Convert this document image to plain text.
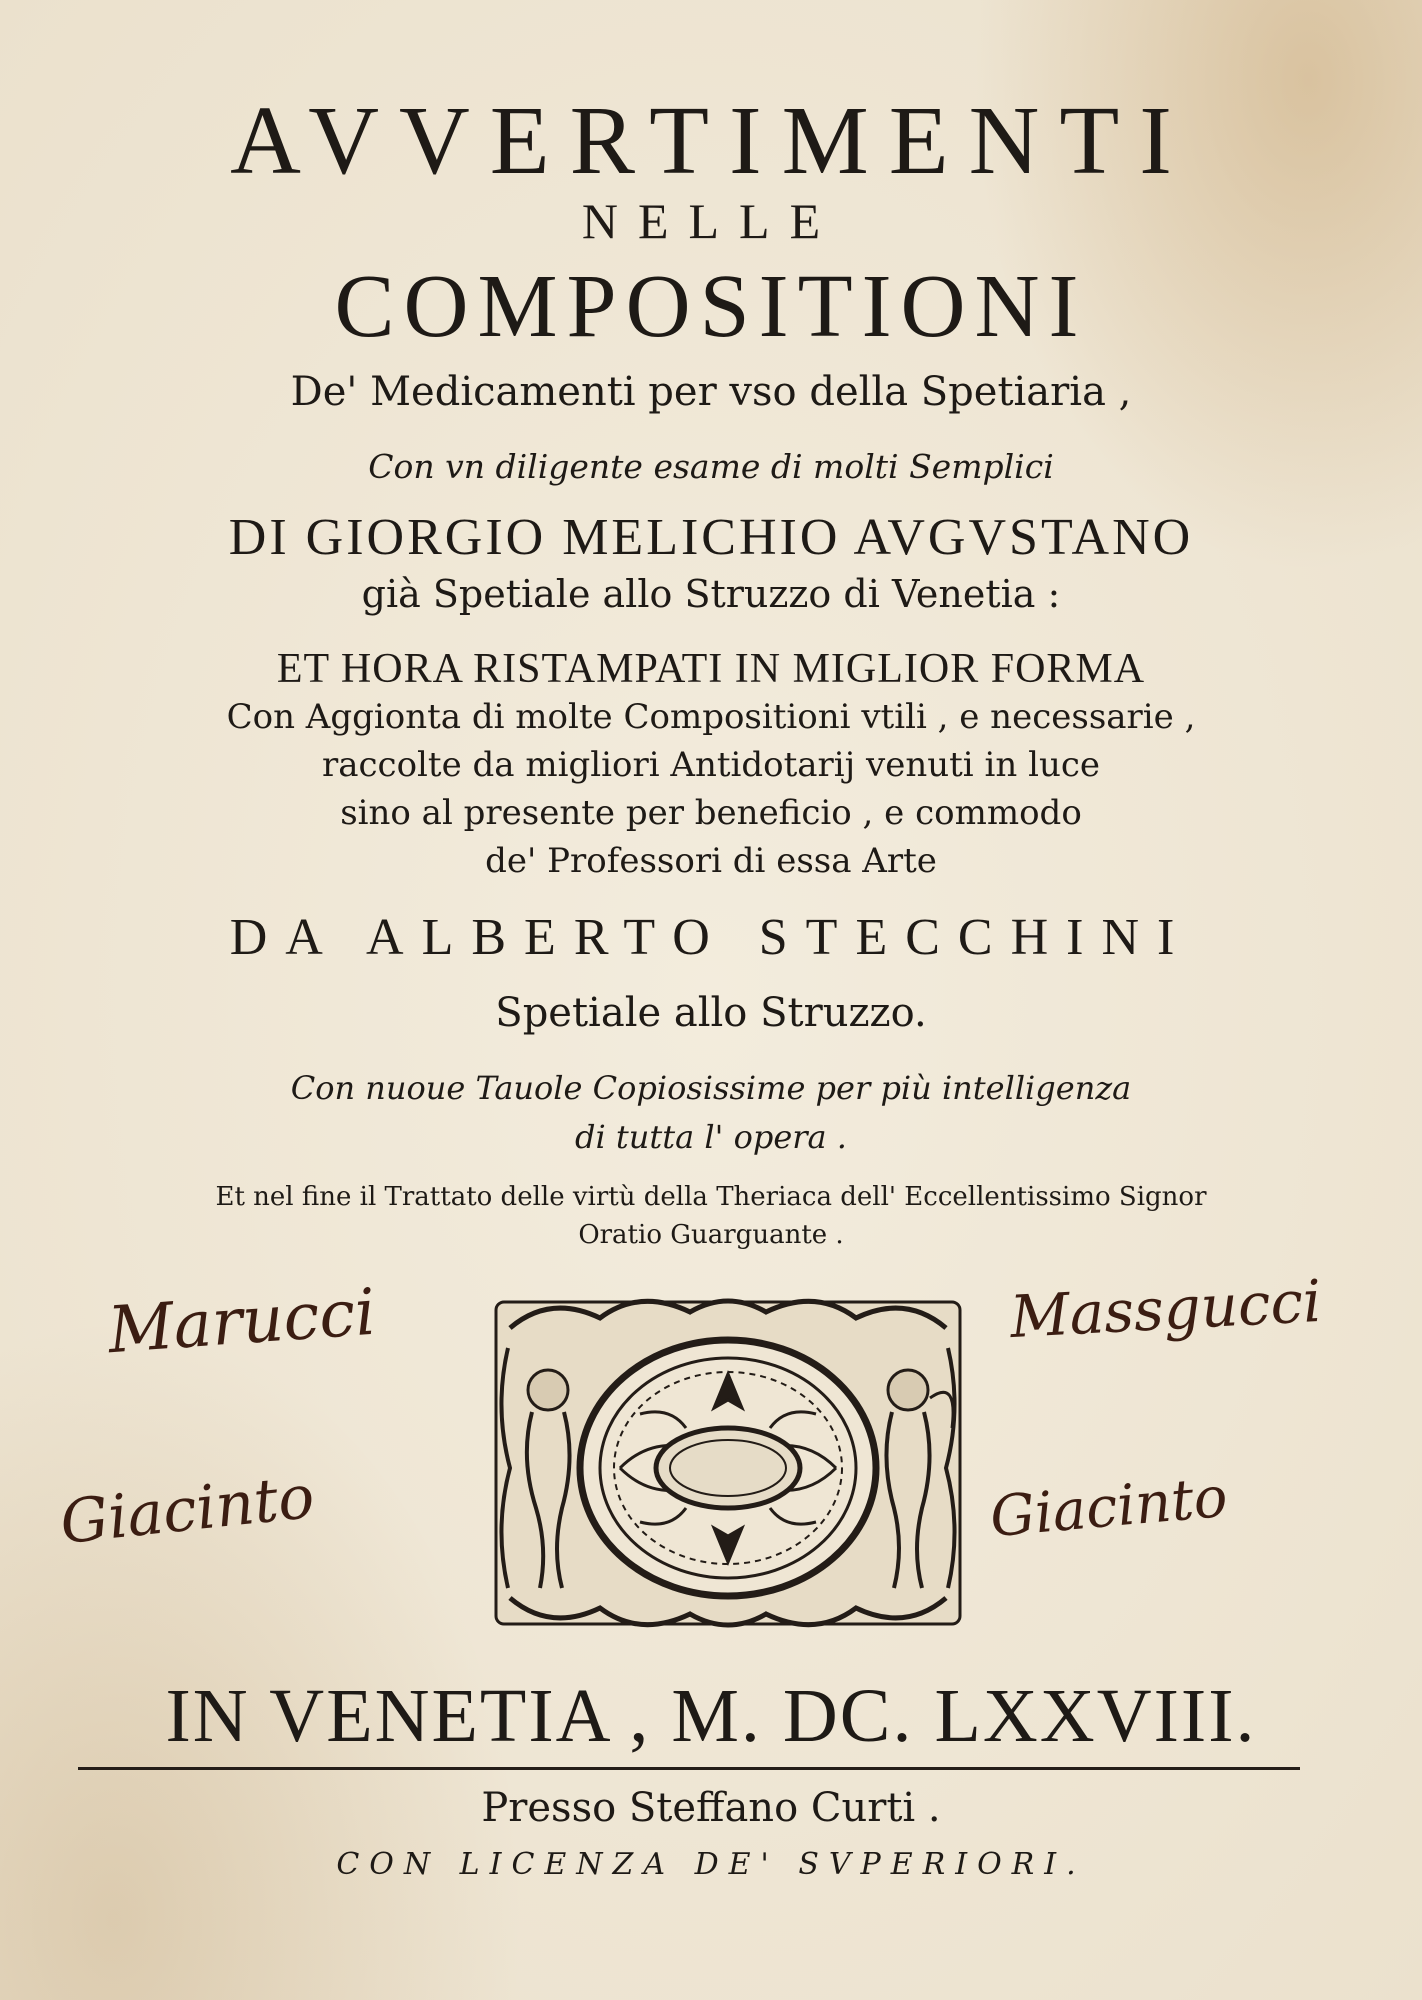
AVVERTIMENTI

NELLE

COMPOSITIONI

De' Medicamenti per vso della Spetiaria ,

Con vn diligente esame di molti Semplici

DI GIORGIO MELICHIO AVGVSTANO

già Spetiale allo Struzzo di Venetia :

ET HORA RISTAMPATI IN MIGLIOR FORMA

Con Aggionta di molte Compositioni vtili , e necessarie ,

raccolte da migliori Antidotarij venuti in luce

sino al presente per beneficio , e commodo

de' Professori di essa Arte

DA ALBERTO STECCHINI

Spetiale allo Struzzo.

Con nuoue Tauole Copiosissime per più intelligenza

di tutta l' opera .

Et nel fine il Trattato delle virtù della Theriaca dell' Eccellentissimo Signor

Oratio Guarguante .

Marucci	Massgucci
Giacinto	Giacinto

IN VENETIA , M. DC. LXXVIII.

Presso Steffano Curti .

CON LICENZA DE' SVPERIORI.
